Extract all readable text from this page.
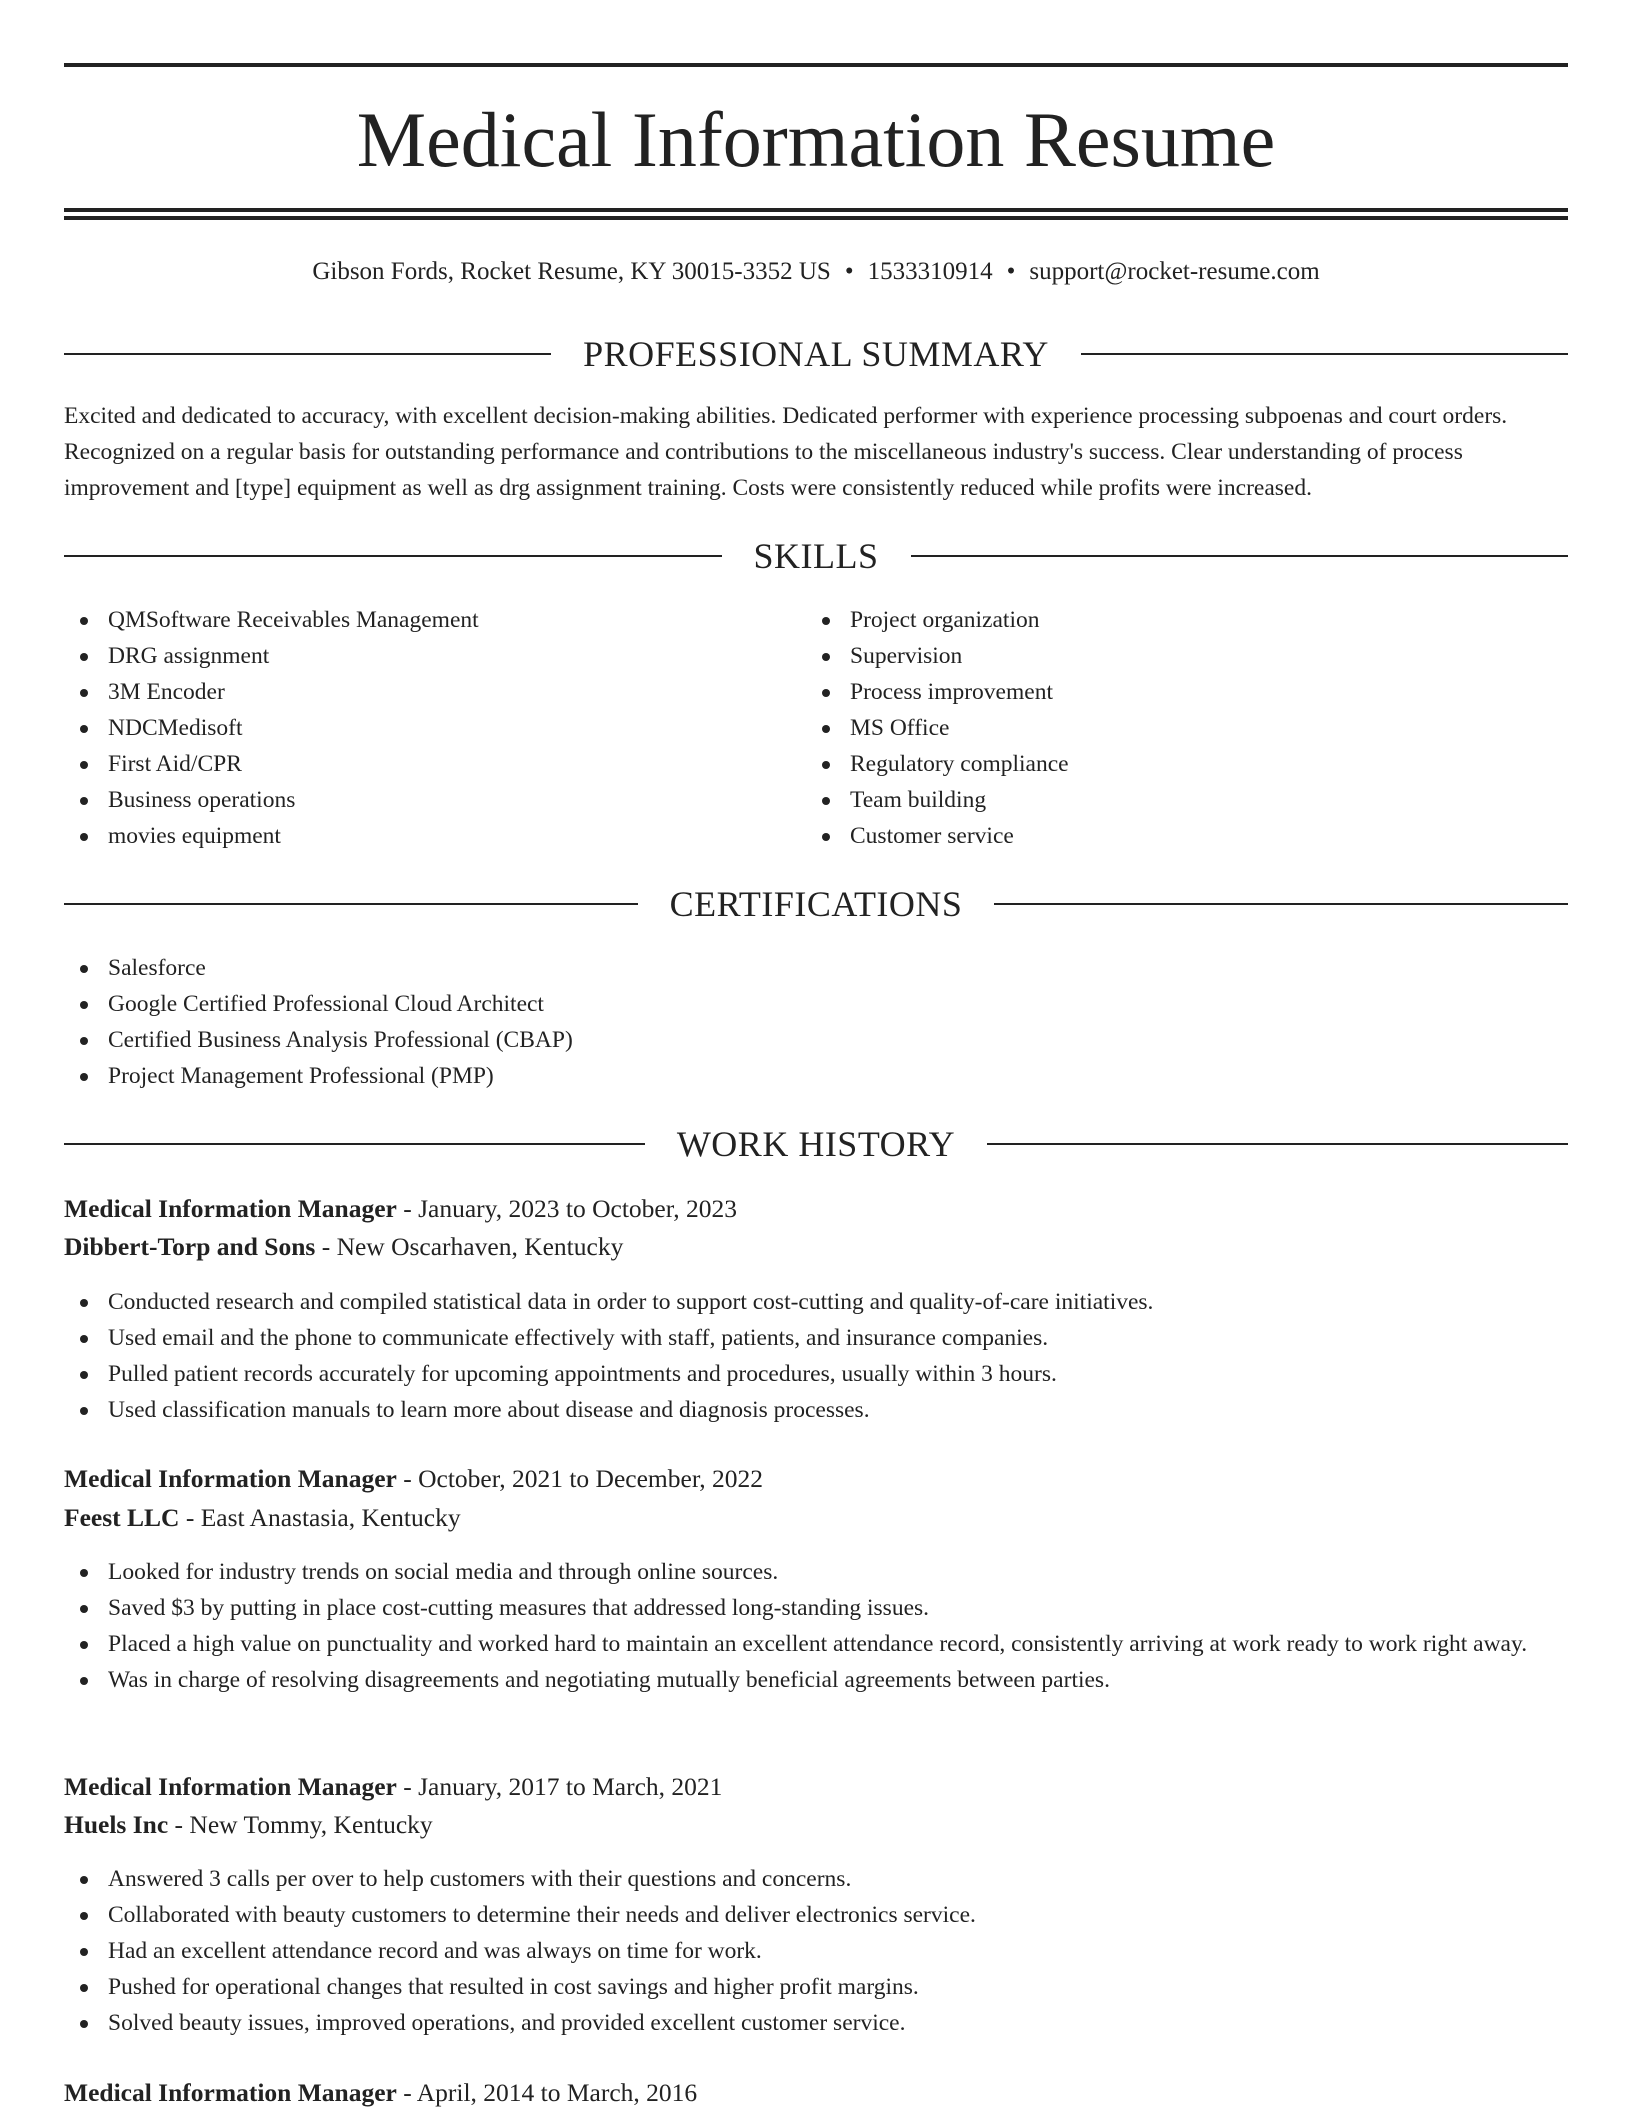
Medical Information Resume
Gibson Fords, Rocket Resume, KY 30015-3352 US • 1533310914 • support@rocket-resume.com
PROFESSIONAL SUMMARY

Excited and dedicated to accuracy, with excellent decision-making abilities. Dedicated performer with experience processing subpoenas and court orders. Recognized on a regular basis for outstanding performance and contributions to the miscellaneous industry's success. Clear understanding of process improvement and [type] equipment as well as drg assignment training. Costs were consistently reduced while profits were increased.

SKILLS
QMSoftware Receivables Management
DRG assignment
3M Encoder
NDCMedisoft
First Aid/CPR
Business operations
movies equipment
Project organization
Supervision
Process improvement
MS Office
Regulatory compliance
Team building
Customer service
CERTIFICATIONS
Salesforce
Google Certified Professional Cloud Architect
Certified Business Analysis Professional (CBAP)
Project Management Professional (PMP)
WORK HISTORY
Medical Information Manager - January, 2023 to October, 2023
Dibbert-Torp and Sons - New Oscarhaven, Kentucky
Conducted research and compiled statistical data in order to support cost-cutting and quality-of-care initiatives.
Used email and the phone to communicate effectively with staff, patients, and insurance companies.
Pulled patient records accurately for upcoming appointments and procedures, usually within 3 hours.
Used classification manuals to learn more about disease and diagnosis processes.
Medical Information Manager - October, 2021 to December, 2022
Feest LLC - East Anastasia, Kentucky
Looked for industry trends on social media and through online sources.
Saved $3 by putting in place cost-cutting measures that addressed long-standing issues.
Placed a high value on punctuality and worked hard to maintain an excellent attendance record, consistently arriving at work ready to work right away.
Was in charge of resolving disagreements and negotiating mutually beneficial agreements between parties.
Medical Information Manager - January, 2017 to March, 2021
Huels Inc - New Tommy, Kentucky
Answered 3 calls per over to help customers with their questions and concerns.
Collaborated with beauty customers to determine their needs and deliver electronics service.
Had an excellent attendance record and was always on time for work.
Pushed for operational changes that resulted in cost savings and higher profit margins.
Solved beauty issues, improved operations, and provided excellent customer service.
Medical Information Manager - April, 2014 to March, 2016
